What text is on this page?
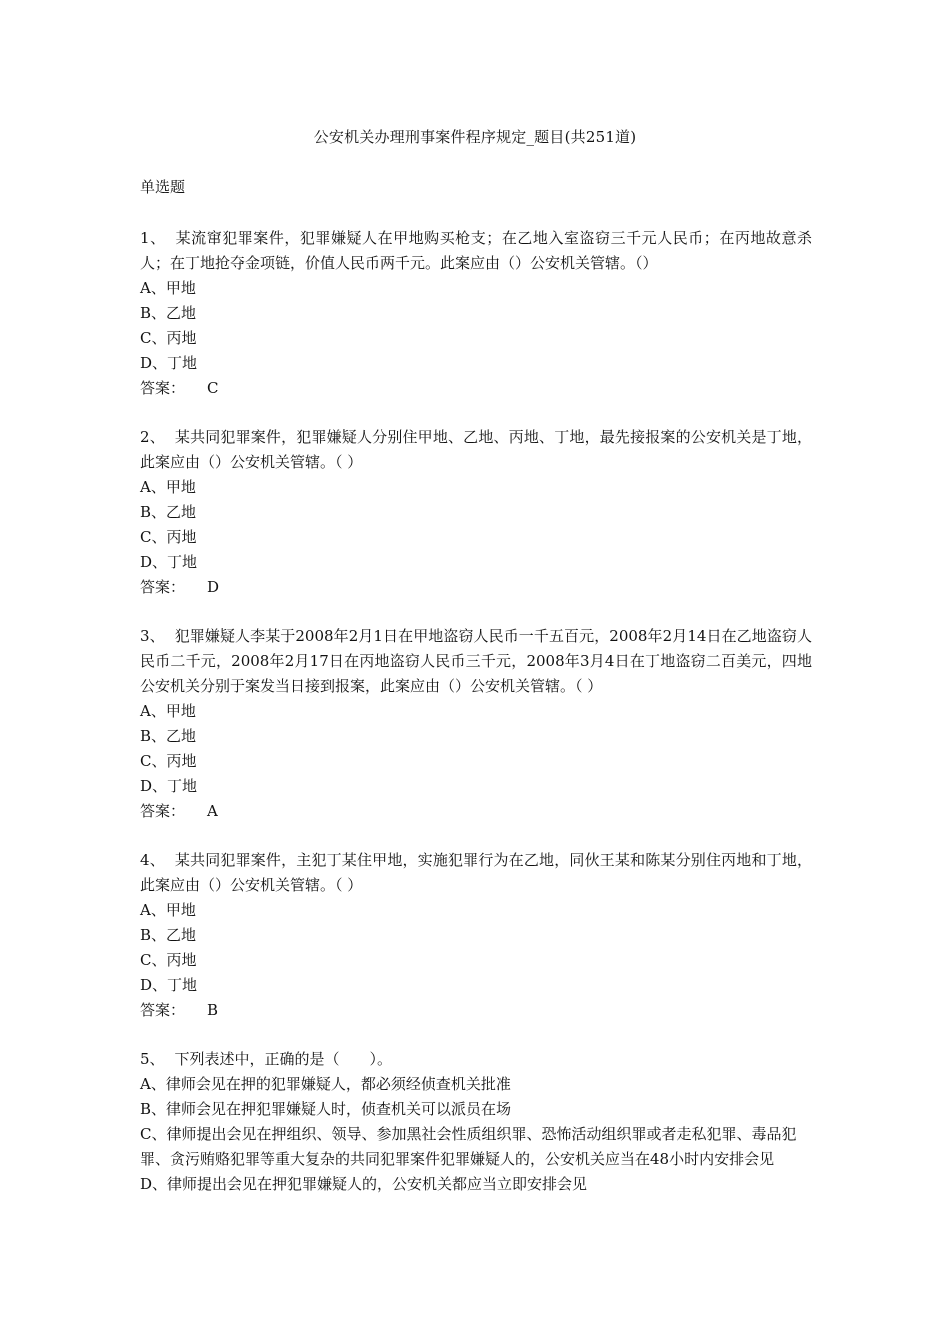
公安机关办理刑事案件程序规定_题目(共251道)
单选题

1、 某流窜犯罪案件，犯罪嫌疑人在甲地购买枪支；在乙地入室盗窃三千元人民币；在丙地故意杀人；在丁地抢夺金项链，价值人民币两千元。此案应由（）公安机关管辖。（）

A、甲地

B、乙地

C、丙地

D、丁地

答案： C

2、 某共同犯罪案件，犯罪嫌疑人分别住甲地、乙地、丙地、丁地，最先接报案的公安机关是丁地，此案应由（）公安机关管辖。（ ）

A、甲地

B、乙地

C、丙地

D、丁地

答案： D

3、 犯罪嫌疑人李某于2008年2月1日在甲地盗窃人民币一千五百元，2008年2月14日在乙地盗窃人民币二千元，2008年2月17日在丙地盗窃人民币三千元，2008年3月4日在丁地盗窃二百美元，四地公安机关分别于案发当日接到报案，此案应由（）公安机关管辖。（ ）

A、甲地

B、乙地

C、丙地

D、丁地

答案： A

4、 某共同犯罪案件，主犯丁某住甲地，实施犯罪行为在乙地，同伙王某和陈某分别住丙地和丁地，此案应由（）公安机关管辖。（ ）

A、甲地

B、乙地

C、丙地

D、丁地

答案： B

5、 下列表述中，正确的是（　　）。

A、律师会见在押的犯罪嫌疑人，都必须经侦查机关批准

B、律师会见在押犯罪嫌疑人时，侦查机关可以派员在场

C、律师提出会见在押组织、领导、参加黑社会性质组织罪、恐怖活动组织罪或者走私犯罪、毒品犯罪、贪污贿赂犯罪等重大复杂的共同犯罪案件犯罪嫌疑人的，公安机关应当在48小时内安排会见

D、律师提出会见在押犯罪嫌疑人的，公安机关都应当立即安排会见
